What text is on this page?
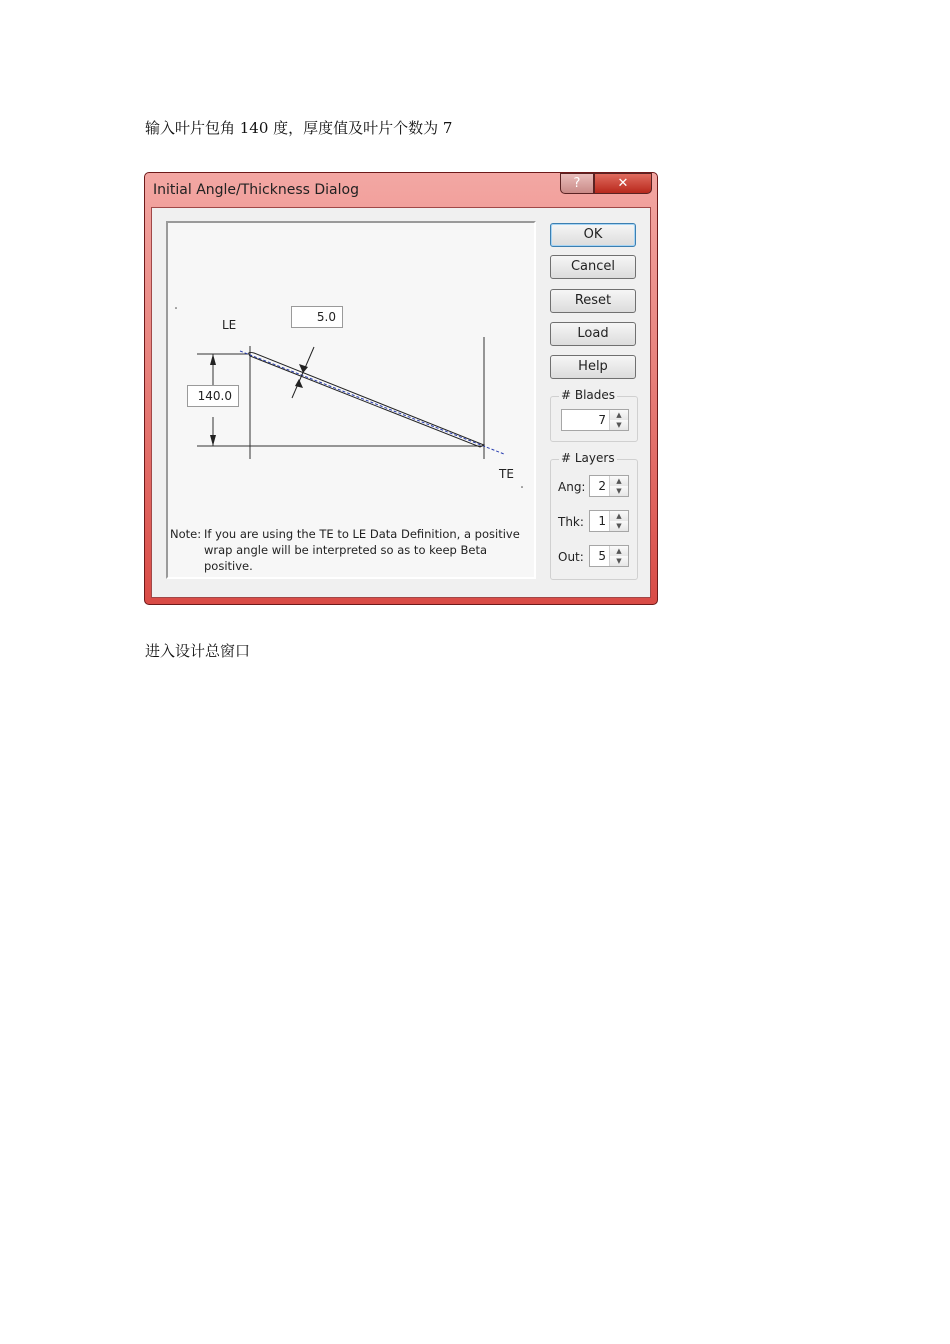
输入叶片包角 140 度，厚度值及叶片个数为 7
Initial Angle/Thickness Dialog	?	✕
LE
TE
5.0
140.0
Note: If you are using the TE to LE Data Definition, a positive
wrap angle will be interpreted so as to keep Beta
positive.
OK
Cancel
Reset
Load
Help
# Blades
7	▲
▼
# Layers
Ang:	2	▲
▼
Thk:	1	▲
▼
Out:	5	▲
▼
进入设计总窗口
